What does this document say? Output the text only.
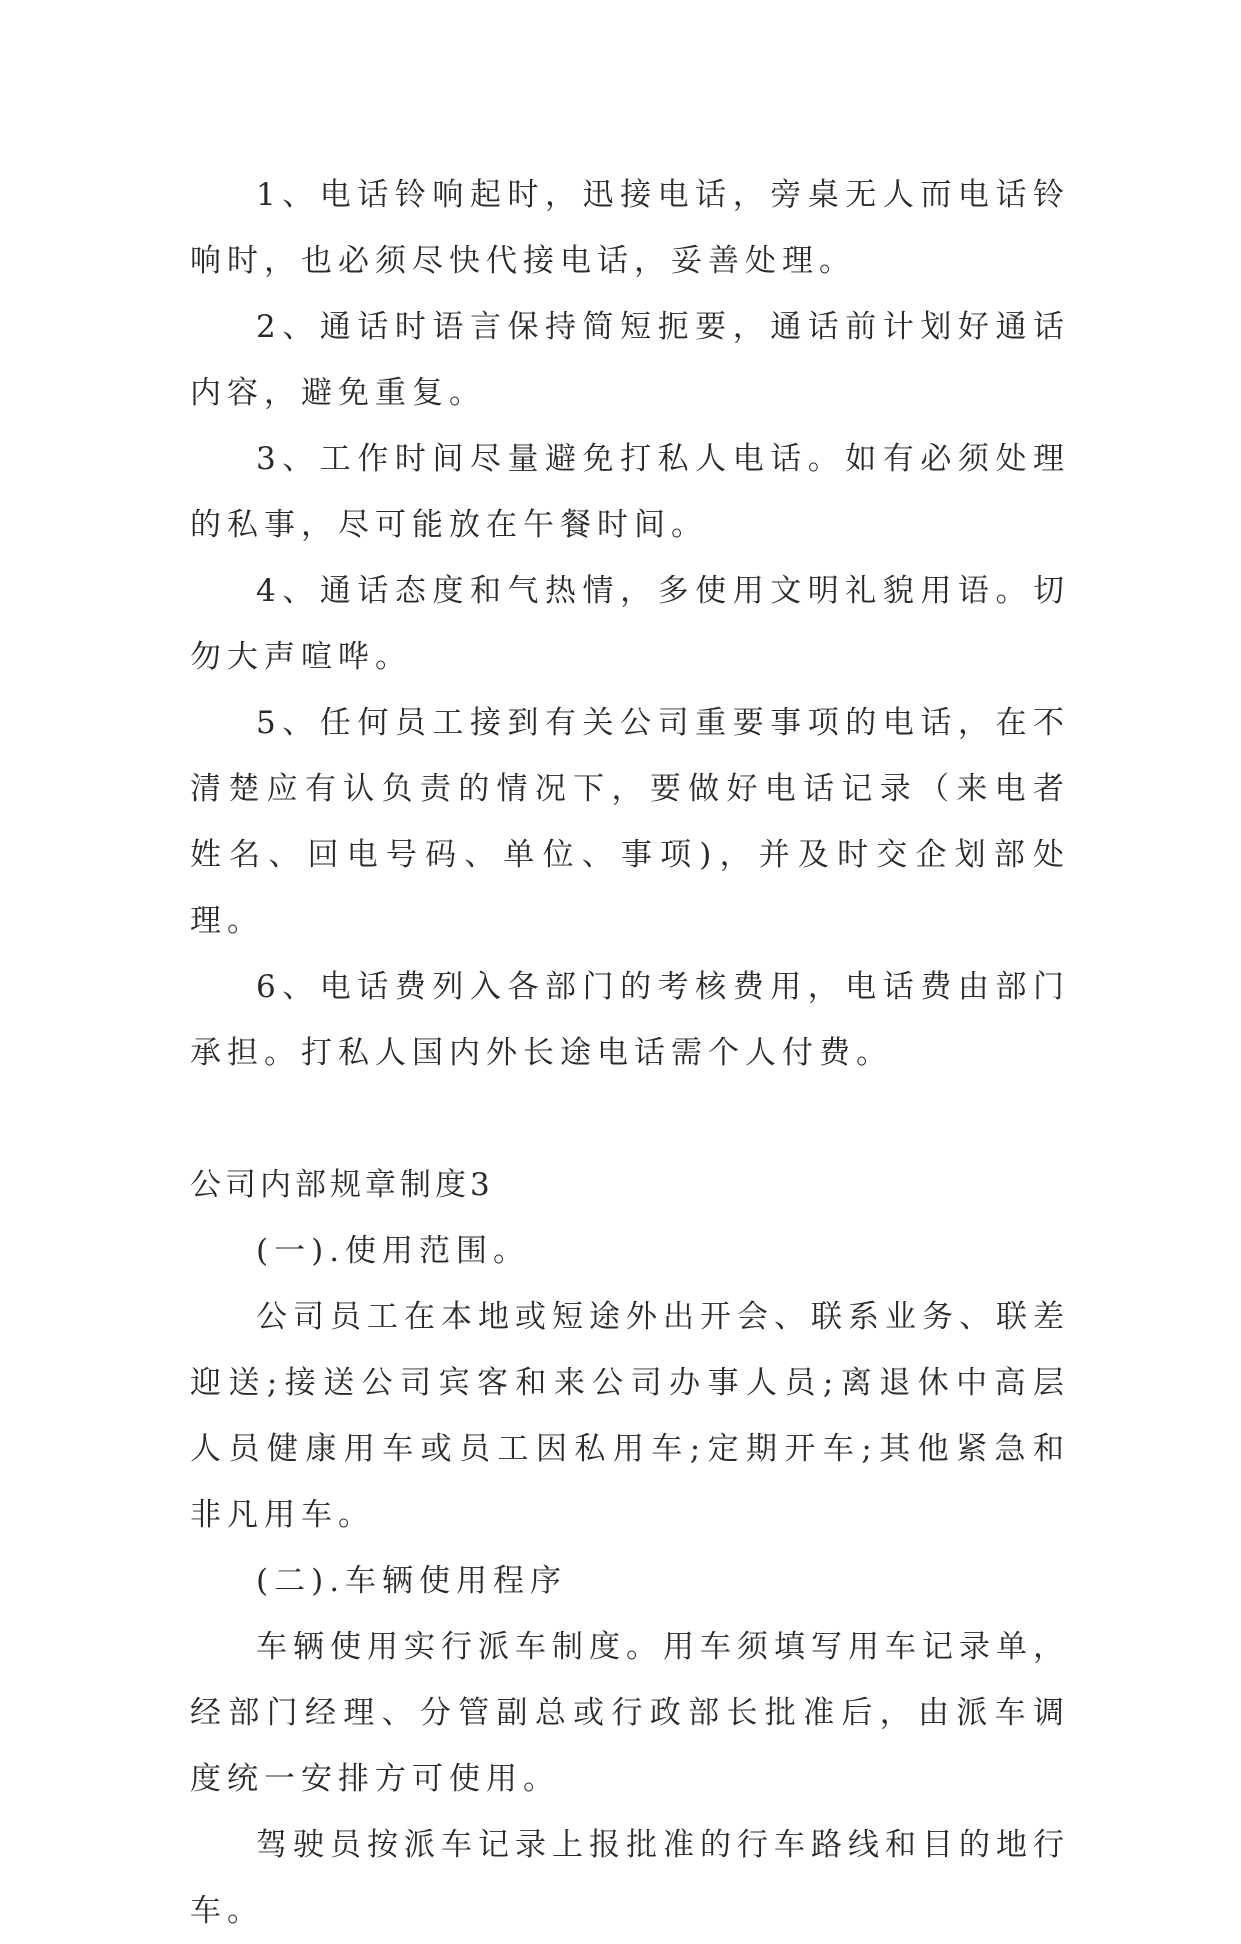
1、电话铃响起时，迅接电话，旁桌无人而电话铃响时，也必须尽快代接电话，妥善处理。

2、通话时语言保持简短扼要，通话前计划好通话内容，避免重复。

3、工作时间尽量避免打私人电话。如有必须处理的私事，尽可能放在午餐时间。

4、通话态度和气热情，多使用文明礼貌用语。切勿大声喧哗。

5、任何员工接到有关公司重要事项的电话，在不清楚应有认负责的情况下，要做好电话记录（来电者姓名、回电号码、单位、事项)，并及时交企划部处理。

6、电话费列入各部门的考核费用，电话费由部门承担。打私人国内外长途电话需个人付费。

公司内部规章制度3

(一).使用范围。

公司员工在本地或短途外出开会、联系业务、联差迎送;接送公司宾客和来公司办事人员;离退休中高层人员健康用车或员工因私用车;定期开车;其他紧急和非凡用车。

(二).车辆使用程序

车辆使用实行派车制度。用车须填写用车记录单，经部门经理、分管副总或行政部长批准后，由派车调度统一安排方可使用。

驾驶员按派车记录上报批准的行车路线和目的地行车。
